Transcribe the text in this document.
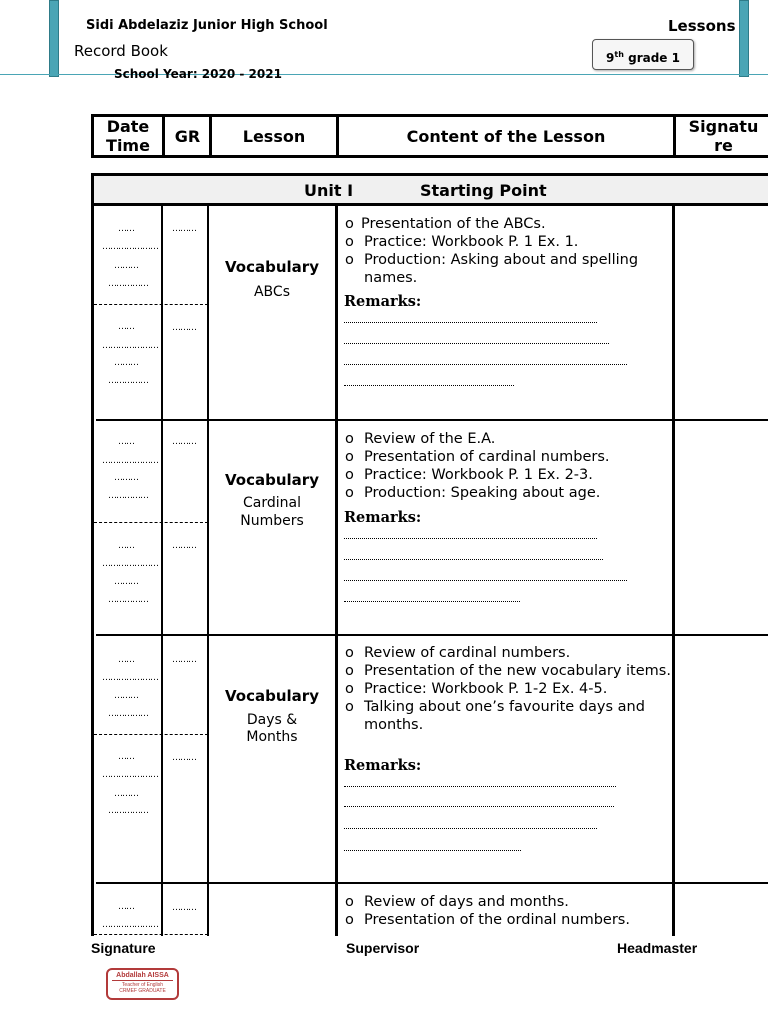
Sidi Abdelaziz Junior High School
Record Book
School Year: 2020 - 2021
Lessons
9th grade 1
Date
Time	GR	Lesson	Content of the Lesson	Signatu
re
Unit I	Starting Point
……
…………………
………
……………
………
……
…………………
………
……………
………
Vocabulary
ABCs
o Presentation of the ABCs.
o Practice: Workbook P. 1 Ex. 1.
o Production: Asking about and spelling names.
Remarks:
……
…………………
………
……………
………
……
…………………
………
……………
………
Vocabulary
Cardinal
Numbers
o Review of the E.A.
o Presentation of cardinal numbers.
o Practice: Workbook P. 1 Ex. 2-3.
o Production: Speaking about age.
Remarks:
……
…………………
………
……………
………
……
…………………
………
……………
………
Vocabulary
Days &
Months
o Review of cardinal numbers.
o Presentation of the new vocabulary items.
o Practice: Workbook P. 1-2 Ex. 4-5.
o Talking about one’s favourite days and months.
Remarks:
……
…………………
………
o	Review of days and months.
o Presentation of the ordinal numbers.
Signature	Supervisor	Headmaster
Abdallah AISSA
Teacher of English
CRMEF GRADUATE
